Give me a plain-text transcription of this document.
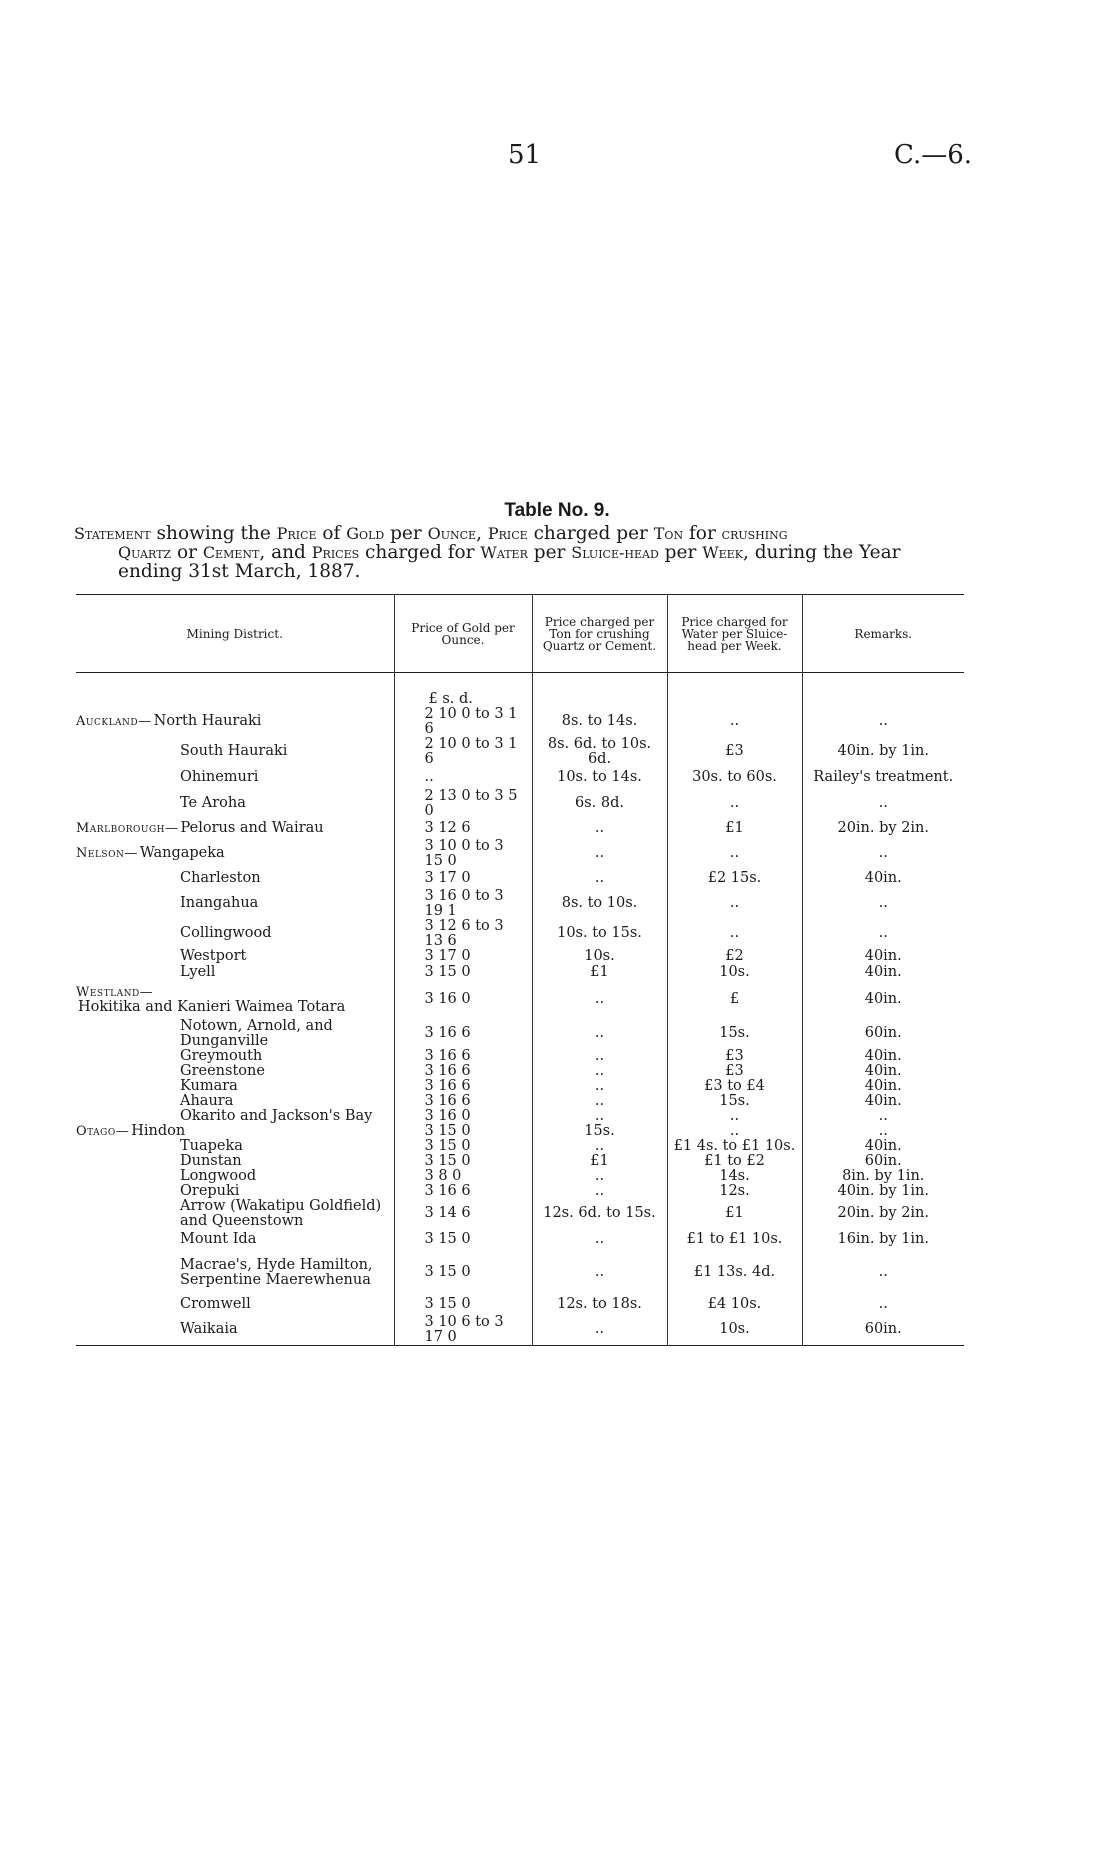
51	C.—6.
Table No. 9.
Statement showing the Price of Gold per Ounce, Price charged per Ton for crushing
Quartz or Cement, and Prices charged for Water per Sluice-head per Week, during the Year ending 31st March, 1887.
Mining District.	Price of Gold per Ounce.	Price charged per Ton for crushing Quartz or Cement.	Price charged for Water per Sluice-head per Week.	Remarks.
	£ s. d.			
Auckland— North Hauraki	2 10 0 to 3 1 6	8s. to 14s.	..	..
South Hauraki	2 10 0 to 3 1 6	8s. 6d. to 10s. 6d.	£3	40in. by 1in.
Ohinemuri	..	10s. to 14s.	30s. to 60s.	Railey's treatment.
Te Aroha	2 13 0 to 3 5 0	6s. 8d.	..	..
Marlborough— Pelorus and Wairau	3 12 6	..	£1	20in. by 2in.
Nelson— Wangapeka	3 10 0 to 3 15 0	..	..	..
Charleston	3 17 0	..	£2 15s.	40in.
Inangahua	3 16 0 to 3 19 1	8s. to 10s.	..	..
Collingwood	3 12 6 to 3 13 6	10s. to 15s.	..	..
Westport	3 17 0	10s.	£2	40in.
Lyell	3 15 0	£1	10s.	40in.
Westland—Hokitika and Kanieri Waimea Totara	3 16 0	..	£	40in.
Notown, Arnold, and Dunganville	3 16 6	..	15s.	60in.
Greymouth	3 16 6	..	£3	40in.
Greenstone	3 16 6	..	£3	40in.
Kumara	3 16 6	..	£3 to £4	40in.
Ahaura	3 16 6	..	15s.	40in.
Okarito and Jackson's Bay	3 16 0	..	..	..
Otago— Hindon	3 15 0	15s.	..	..
Tuapeka	3 15 0	..	£1 4s. to £1 10s.	40in.
Dunstan	3 15 0	£1	£1 to £2	60in.
Longwood	3 8 0	..	14s.	8in. by 1in.
Orepuki	3 16 6	..	12s.	40in. by 1in.
Arrow (Wakatipu Goldfield) and Queenstown	3 14 6	12s. 6d. to 15s.	£1	20in. by 2in.
Mount Ida	3 15 0	..	£1 to £1 10s.	16in. by 1in.
Macrae's, Hyde Hamilton, Serpentine Maerewhenua	3 15 0	..	£1 13s. 4d.	..
Cromwell	3 15 0	12s. to 18s.	£4 10s.	..
Waikaia	3 10 6 to 3 17 0	..	10s.	60in.
